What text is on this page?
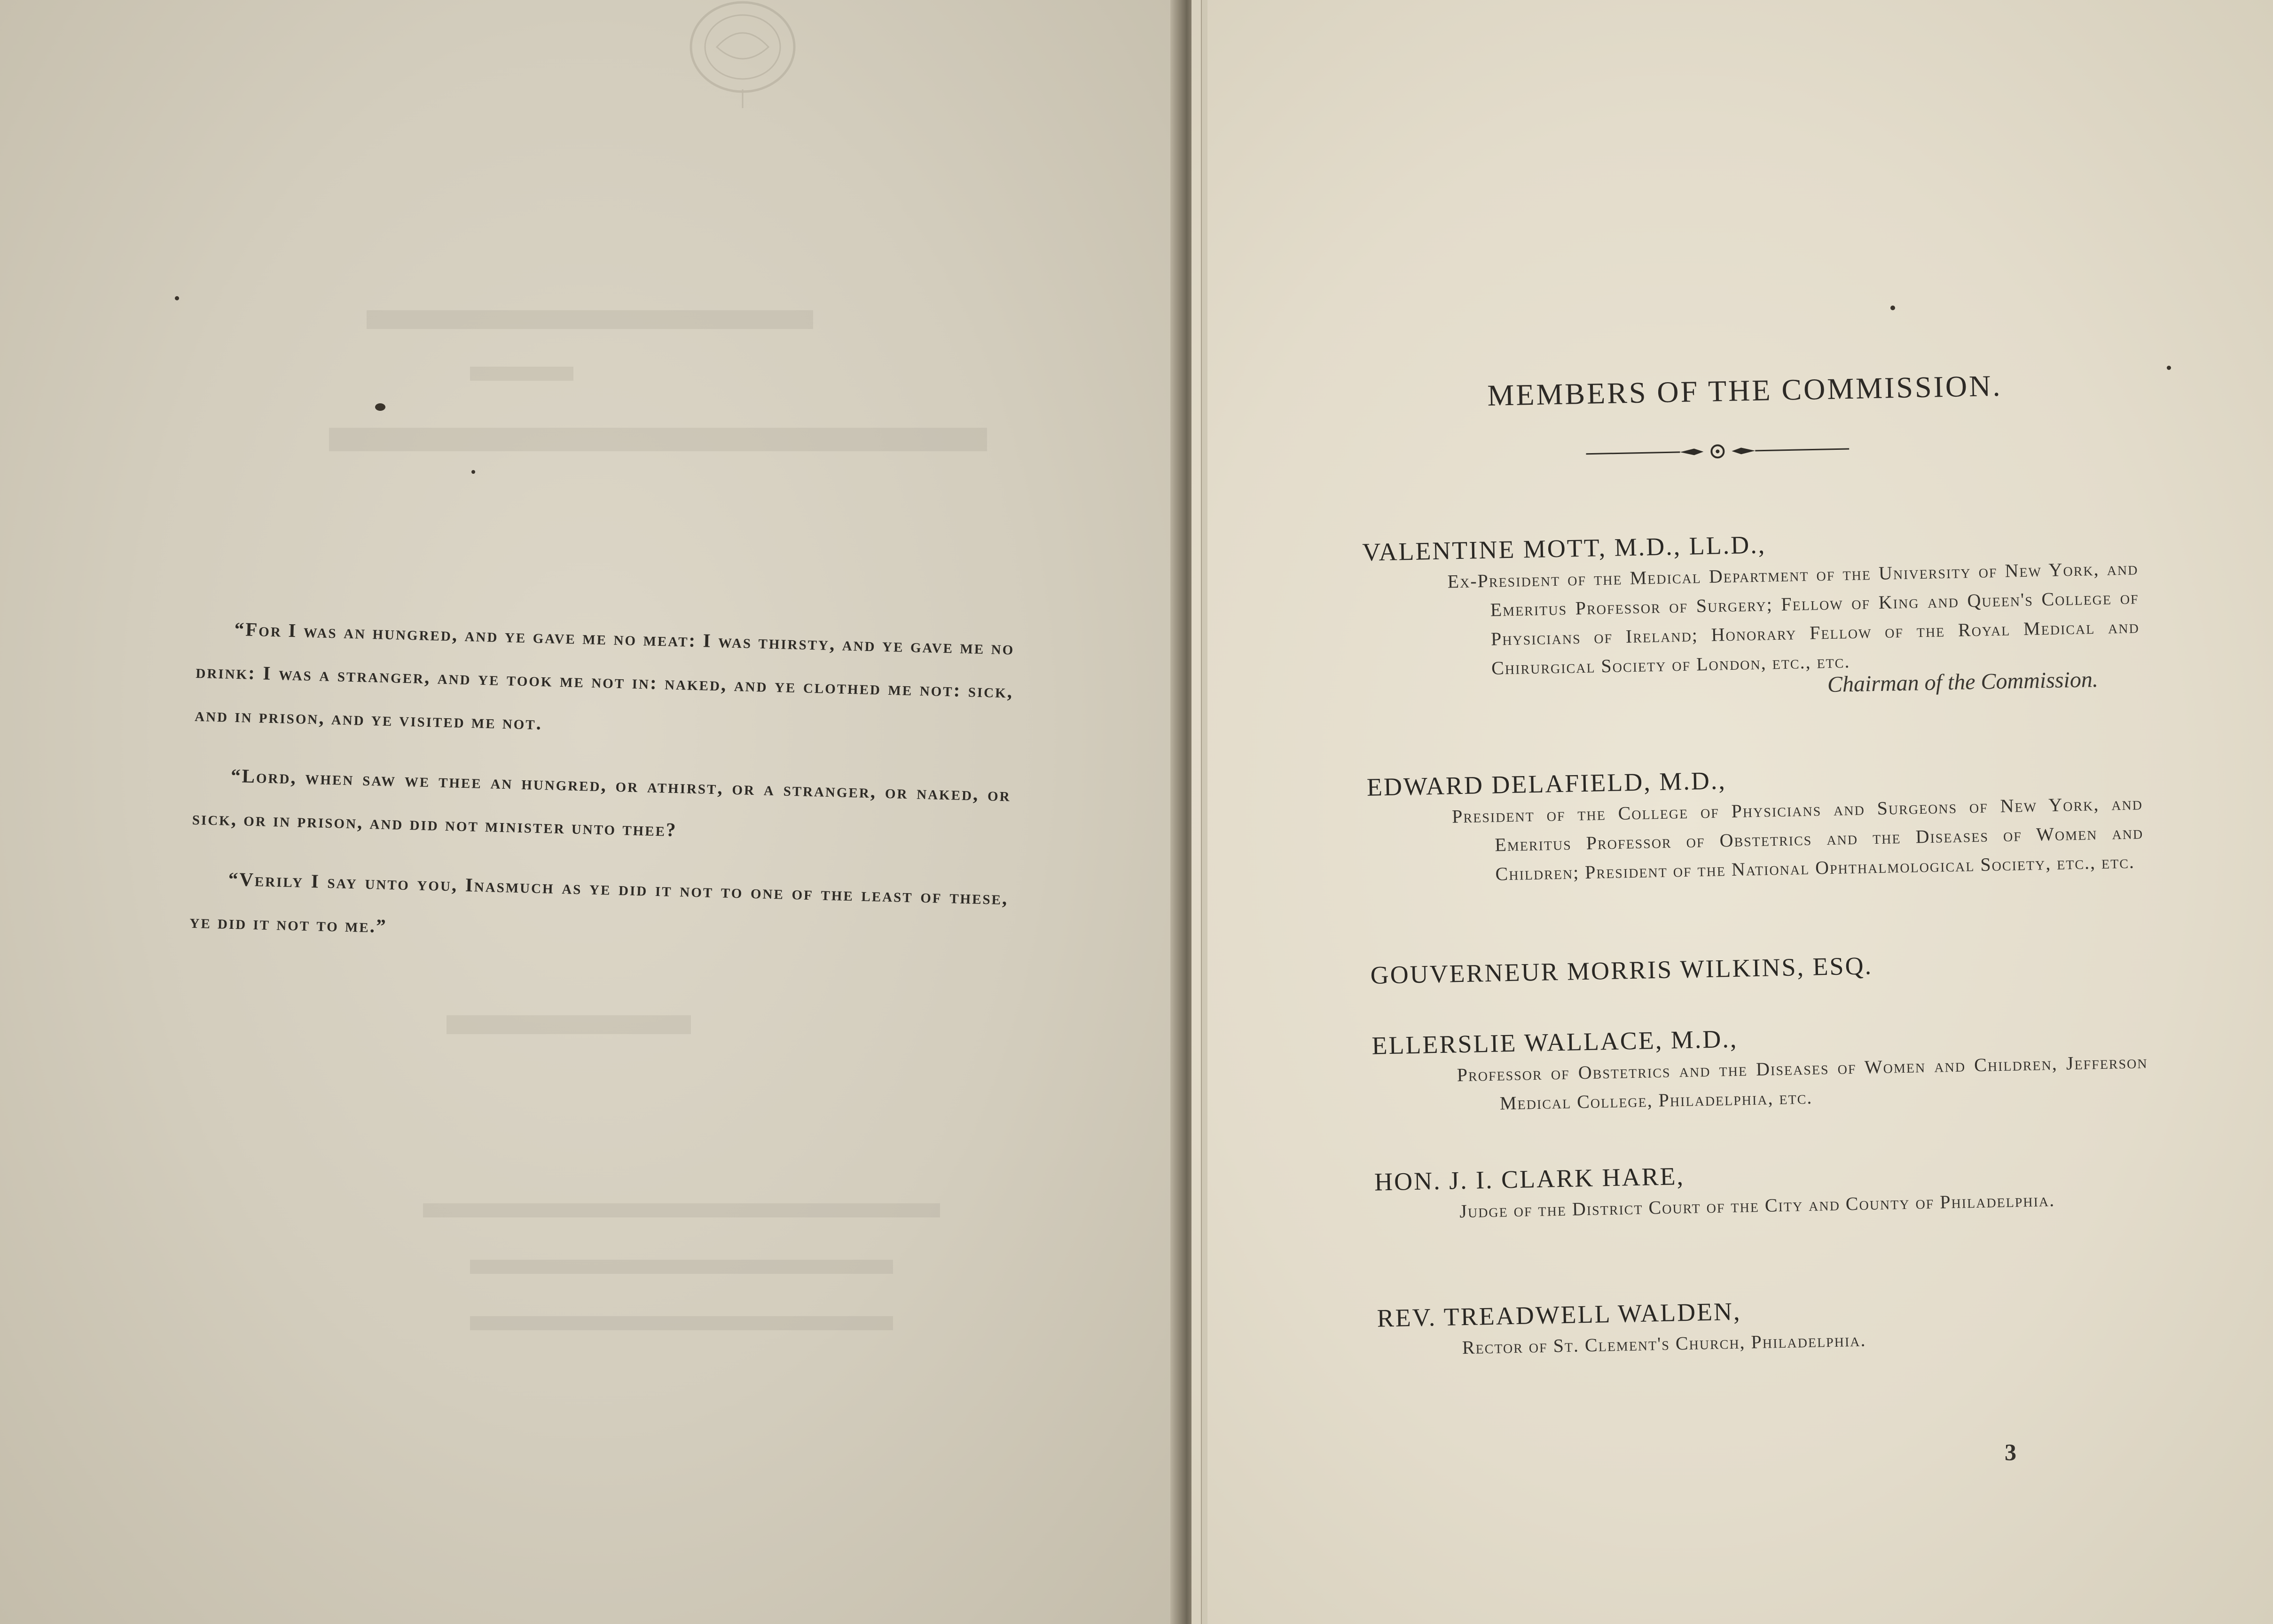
“For I was an hungred, and ye gave me no meat: I was thirsty, and ye gave me no drink: I was a stranger, and ye took me not in: naked, and ye clothed me not: sick, and in prison, and ye visited me not.

“Lord, when saw we thee an hungred, or athirst, or a stranger, or naked, or sick, or in prison, and did not minister unto thee?

“Verily I say unto you, Inasmuch as ye did it not to one of the least of these, ye did it not to me.”

MEMBERS OF THE COMMISSION.
VALENTINE MOTT, M.D., LL.D.,
Ex-President of the Medical Department of the University of New York, and Emeritus Professor of Surgery; Fellow of King and Queen's College of Physicians of Ireland; Honorary Fellow of the Royal Medical and Chirurgical Society of London, etc., etc.
Chairman of the Commission.
EDWARD DELAFIELD, M.D.,
President of the College of Physicians and Surgeons of New York, and Emeritus Professor of Obstetrics and the Diseases of Women and Children; President of the National Ophthalmological Society, etc., etc.
GOUVERNEUR MORRIS WILKINS, ESQ.
ELLERSLIE WALLACE, M.D.,
Professor of Obstetrics and the Diseases of Women and Children, Jefferson Medical College, Philadelphia, etc.
HON. J. I. CLARK HARE,
Judge of the District Court of the City and County of Philadelphia.
REV. TREADWELL WALDEN,
Rector of St. Clement's Church, Philadelphia.
3
